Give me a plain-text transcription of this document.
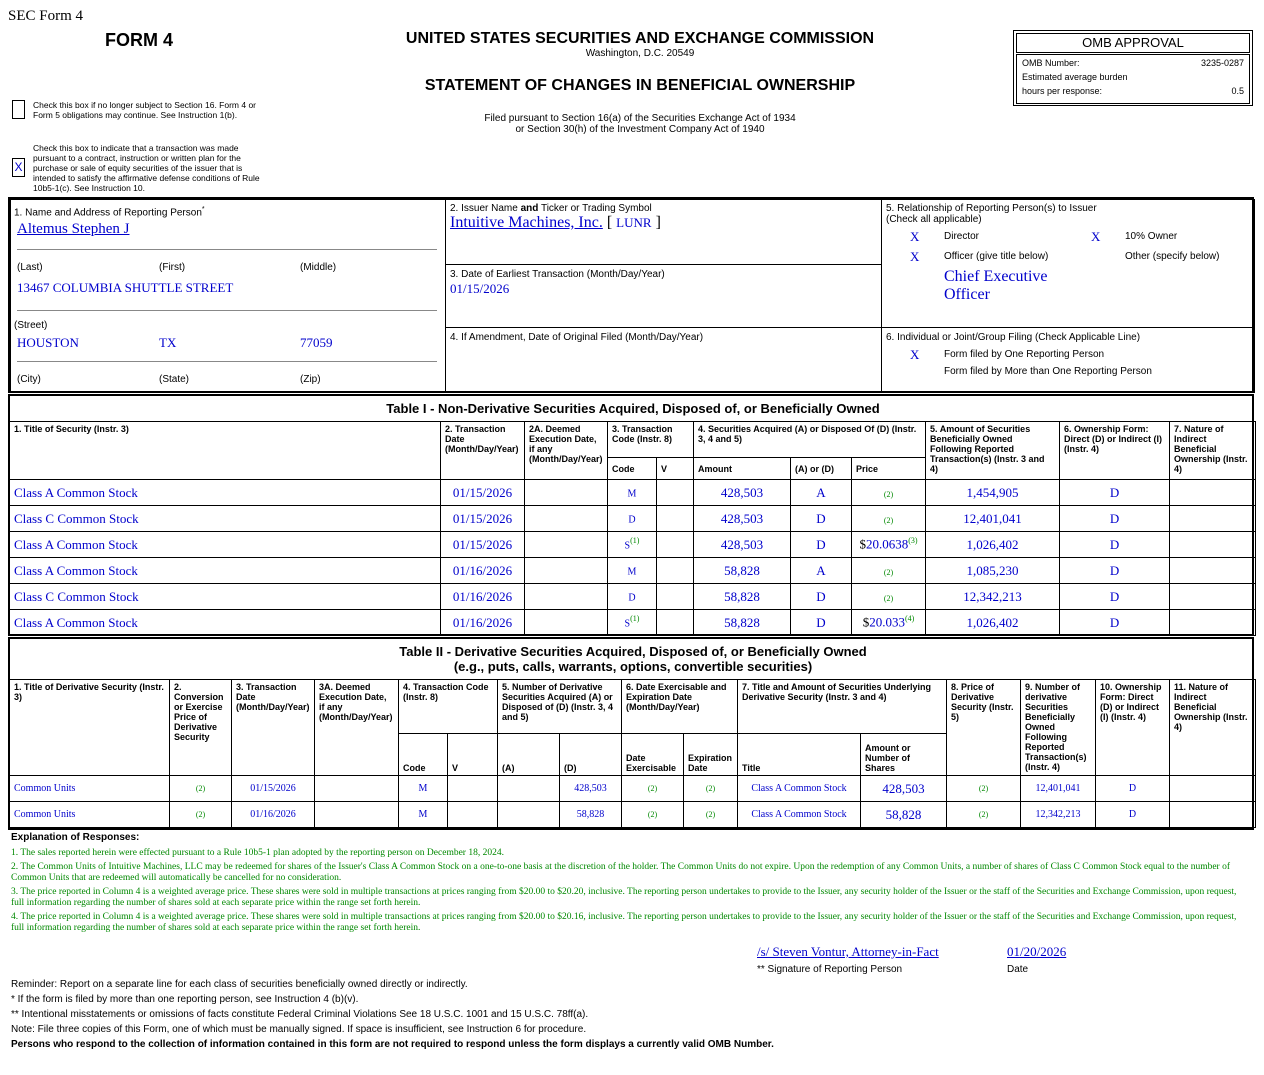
SEC Form 4
FORM 4	UNITED STATES SECURITIES AND EXCHANGE COMMISSION
Washington, D.C. 20549
STATEMENT OF CHANGES IN BENEFICIAL OWNERSHIP
Filed pursuant to Section 16(a) of the Securities Exchange Act of 1934
or Section 30(h) of the Investment Company Act of 1940
Check this box if no longer subject to Section 16. Form 4 or Form 5 obligations may continue. See Instruction 1(b).
X
Check this box to indicate that a transaction was made pursuant to a contract, instruction or written plan for the purchase or sale of equity securities of the issuer that is intended to satisfy the affirmative defense conditions of Rule 10b5-1(c). See Instruction 10.
OMB APPROVAL
OMB Number:	3235-0287
Estimated average burden
hours per response:	0.5
1. Name and Address of Reporting Person*
Altemus Stephen J
(Last)	(First)	(Middle)
13467 COLUMBIA SHUTTLE STREET
(Street)
HOUSTON	TX	77059
(City)	(State)	(Zip)
2. Issuer Name and Ticker or Trading Symbol
Intuitive Machines, Inc. [ LUNR ]
3. Date of Earliest Transaction (Month/Day/Year)
01/15/2026
4. If Amendment, Date of Original Filed (Month/Day/Year)
5. Relationship of Reporting Person(s) to Issuer
(Check all applicable)
X Director	X 10% Owner
X Officer (give title below)	Other (specify below)
Chief Executive
Officer
6. Individual or Joint/Group Filing (Check Applicable Line)
X Form filed by One Reporting Person
Form filed by More than One Reporting Person
Table I - Non-Derivative Securities Acquired, Disposed of, or Beneficially Owned
1. Title of Security (Instr. 3)	2. Transaction Date (Month/Day/Year)	2A. Deemed Execution Date, if any (Month/Day/Year)	3. Transaction Code (Instr. 8)		4. Securities Acquired (A) or Disposed Of (D) (Instr. 3, 4 and 5)			5. Amount of Securities Beneficially Owned Following Reported Transaction(s) (Instr. 3 and 4)	6. Ownership Form: Direct (D) or Indirect (I) (Instr. 4)	7. Nature of Indirect Beneficial Ownership (Instr. 4)
			Code	V	Amount	(A) or (D)	Price			
Class A Common Stock	01/15/2026		M		428,503	A	(2)	1,454,905	D	
Class C Common Stock	01/15/2026		D		428,503	D	(2)	12,401,041	D	
Class A Common Stock	01/15/2026		S$^{(1)}$		428,503	D	$20.0638$^{(3)}$	1,026,402	D	
Class A Common Stock	01/16/2026		M		58,828	A	(2)	1,085,230	D	
Class C Common Stock	01/16/2026		D		58,828	D	(2)	12,342,213	D	
Class A Common Stock	01/16/2026		S$^{(1)}$		58,828	D	$20.033$^{(4)}$	1,026,402	D	
Table II - Derivative Securities Acquired, Disposed of, or Beneficially Owned
(e.g., puts, calls, warrants, options, convertible securities)
1. Title of Derivative Security (Instr. 3)	2. Conversion or Exercise Price of Derivative Security	3. Transaction Date (Month/Day/Year)	3A. Deemed Execution Date, if any (Month/Day/Year)	4. Transaction Code (Instr. 8)		5. Number of Derivative Securities Acquired (A) or Disposed of (D) (Instr. 3, 4 and 5)		6. Date Exercisable and Expiration Date (Month/Day/Year)		7. Title and Amount of Securities Underlying Derivative Security (Instr. 3 and 4)		8. Price of Derivative Security (Instr. 5)	9. Number of derivative Securities Beneficially Owned Following Reported Transaction(s) (Instr. 4)	10. Ownership Form: Direct (D) or Indirect (I) (Instr. 4)	11. Nature of Indirect Beneficial Ownership (Instr. 4)
				Code	V	(A)	(D)	Date Exercisable	Expiration Date	Title	Amount or Number of Shares				
Common Units	(2)	01/15/2026		M			428,503	(2)	(2)	Class A Common Stock	428,503	(2)	12,401,041	D	
Common Units	(2)	01/16/2026		M			58,828	(2)	(2)	Class A Common Stock	58,828	(2)	12,342,213	D	
Explanation of Responses:
1. The sales reported herein were effected pursuant to a Rule 10b5-1 plan adopted by the reporting person on December 18, 2024.
2. The Common Units of Intuitive Machines, LLC may be redeemed for shares of the Issuer's Class A Common Stock on a one-to-one basis at the discretion of the holder. The Common Units do not expire. Upon the redemption of any Common Units, a number of shares of Class C Common Stock equal to the number of Common Units that are redeemed will automatically be cancelled for no consideration.
3. The price reported in Column 4 is a weighted average price. These shares were sold in multiple transactions at prices ranging from $20.00 to $20.20, inclusive. The reporting person undertakes to provide to the Issuer, any security holder of the Issuer or the staff of the Securities and Exchange Commission, upon request, full information regarding the number of shares sold at each separate price within the range set forth herein.
4. The price reported in Column 4 is a weighted average price. These shares were sold in multiple transactions at prices ranging from $20.00 to $20.16, inclusive. The reporting person undertakes to provide to the Issuer, any security holder of the Issuer or the staff of the Securities and Exchange Commission, upon request, full information regarding the number of shares sold at each separate price within the range set forth herein.
/s/ Steven Vontur, Attorney-in-Fact	01/20/2026
** Signature of Reporting Person	Date
Reminder: Report on a separate line for each class of securities beneficially owned directly or indirectly.
* If the form is filed by more than one reporting person, see Instruction 4 (b)(v).
** Intentional misstatements or omissions of facts constitute Federal Criminal Violations See 18 U.S.C. 1001 and 15 U.S.C. 78ff(a).
Note: File three copies of this Form, one of which must be manually signed. If space is insufficient, see Instruction 6 for procedure.
Persons who respond to the collection of information contained in this form are not required to respond unless the form displays a currently valid OMB Number.
